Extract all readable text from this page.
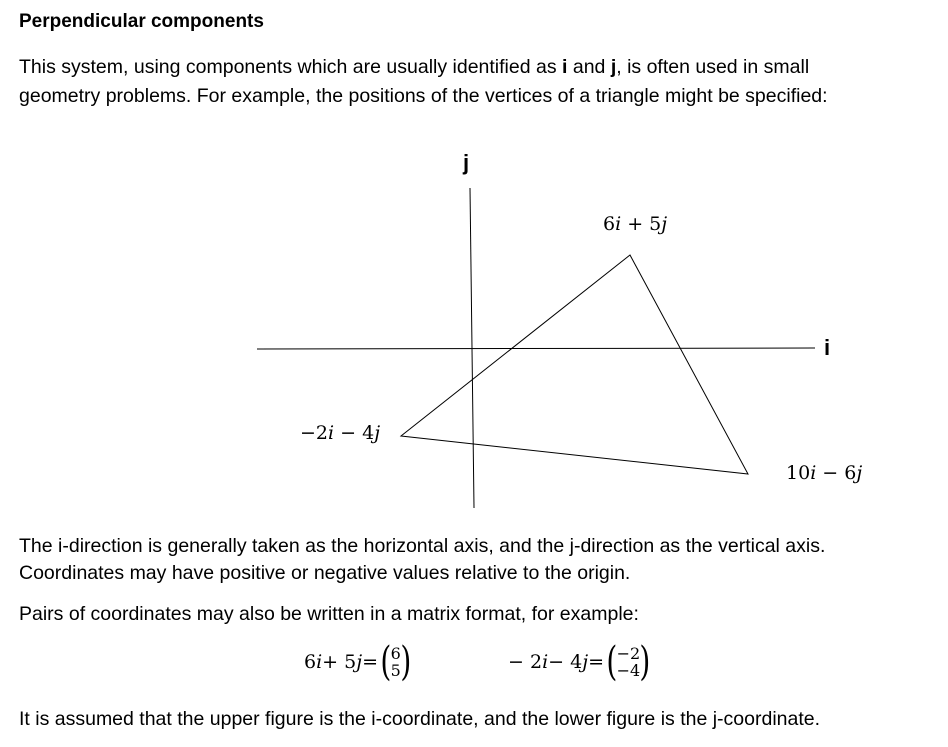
Perpendicular components
This system, using components which are usually identified as i and j, is often used in small
geometry problems. For example, the positions of the vertices of a triangle might be specified:
j
i
6i + 5j
−2i − 4j
10i − 6j
The i-direction is generally taken as the horizontal axis, and the j-direction as the vertical axis.
Coordinates may have positive or negative values relative to the origin.
Pairs of coordinates may also be written in a matrix format, for example:
6 i + 5 j = ( 6
5 )	− 2 i − 4 j = ( −2
−4 )
It is assumed that the upper figure is the i-coordinate, and the lower figure is the j-coordinate.
